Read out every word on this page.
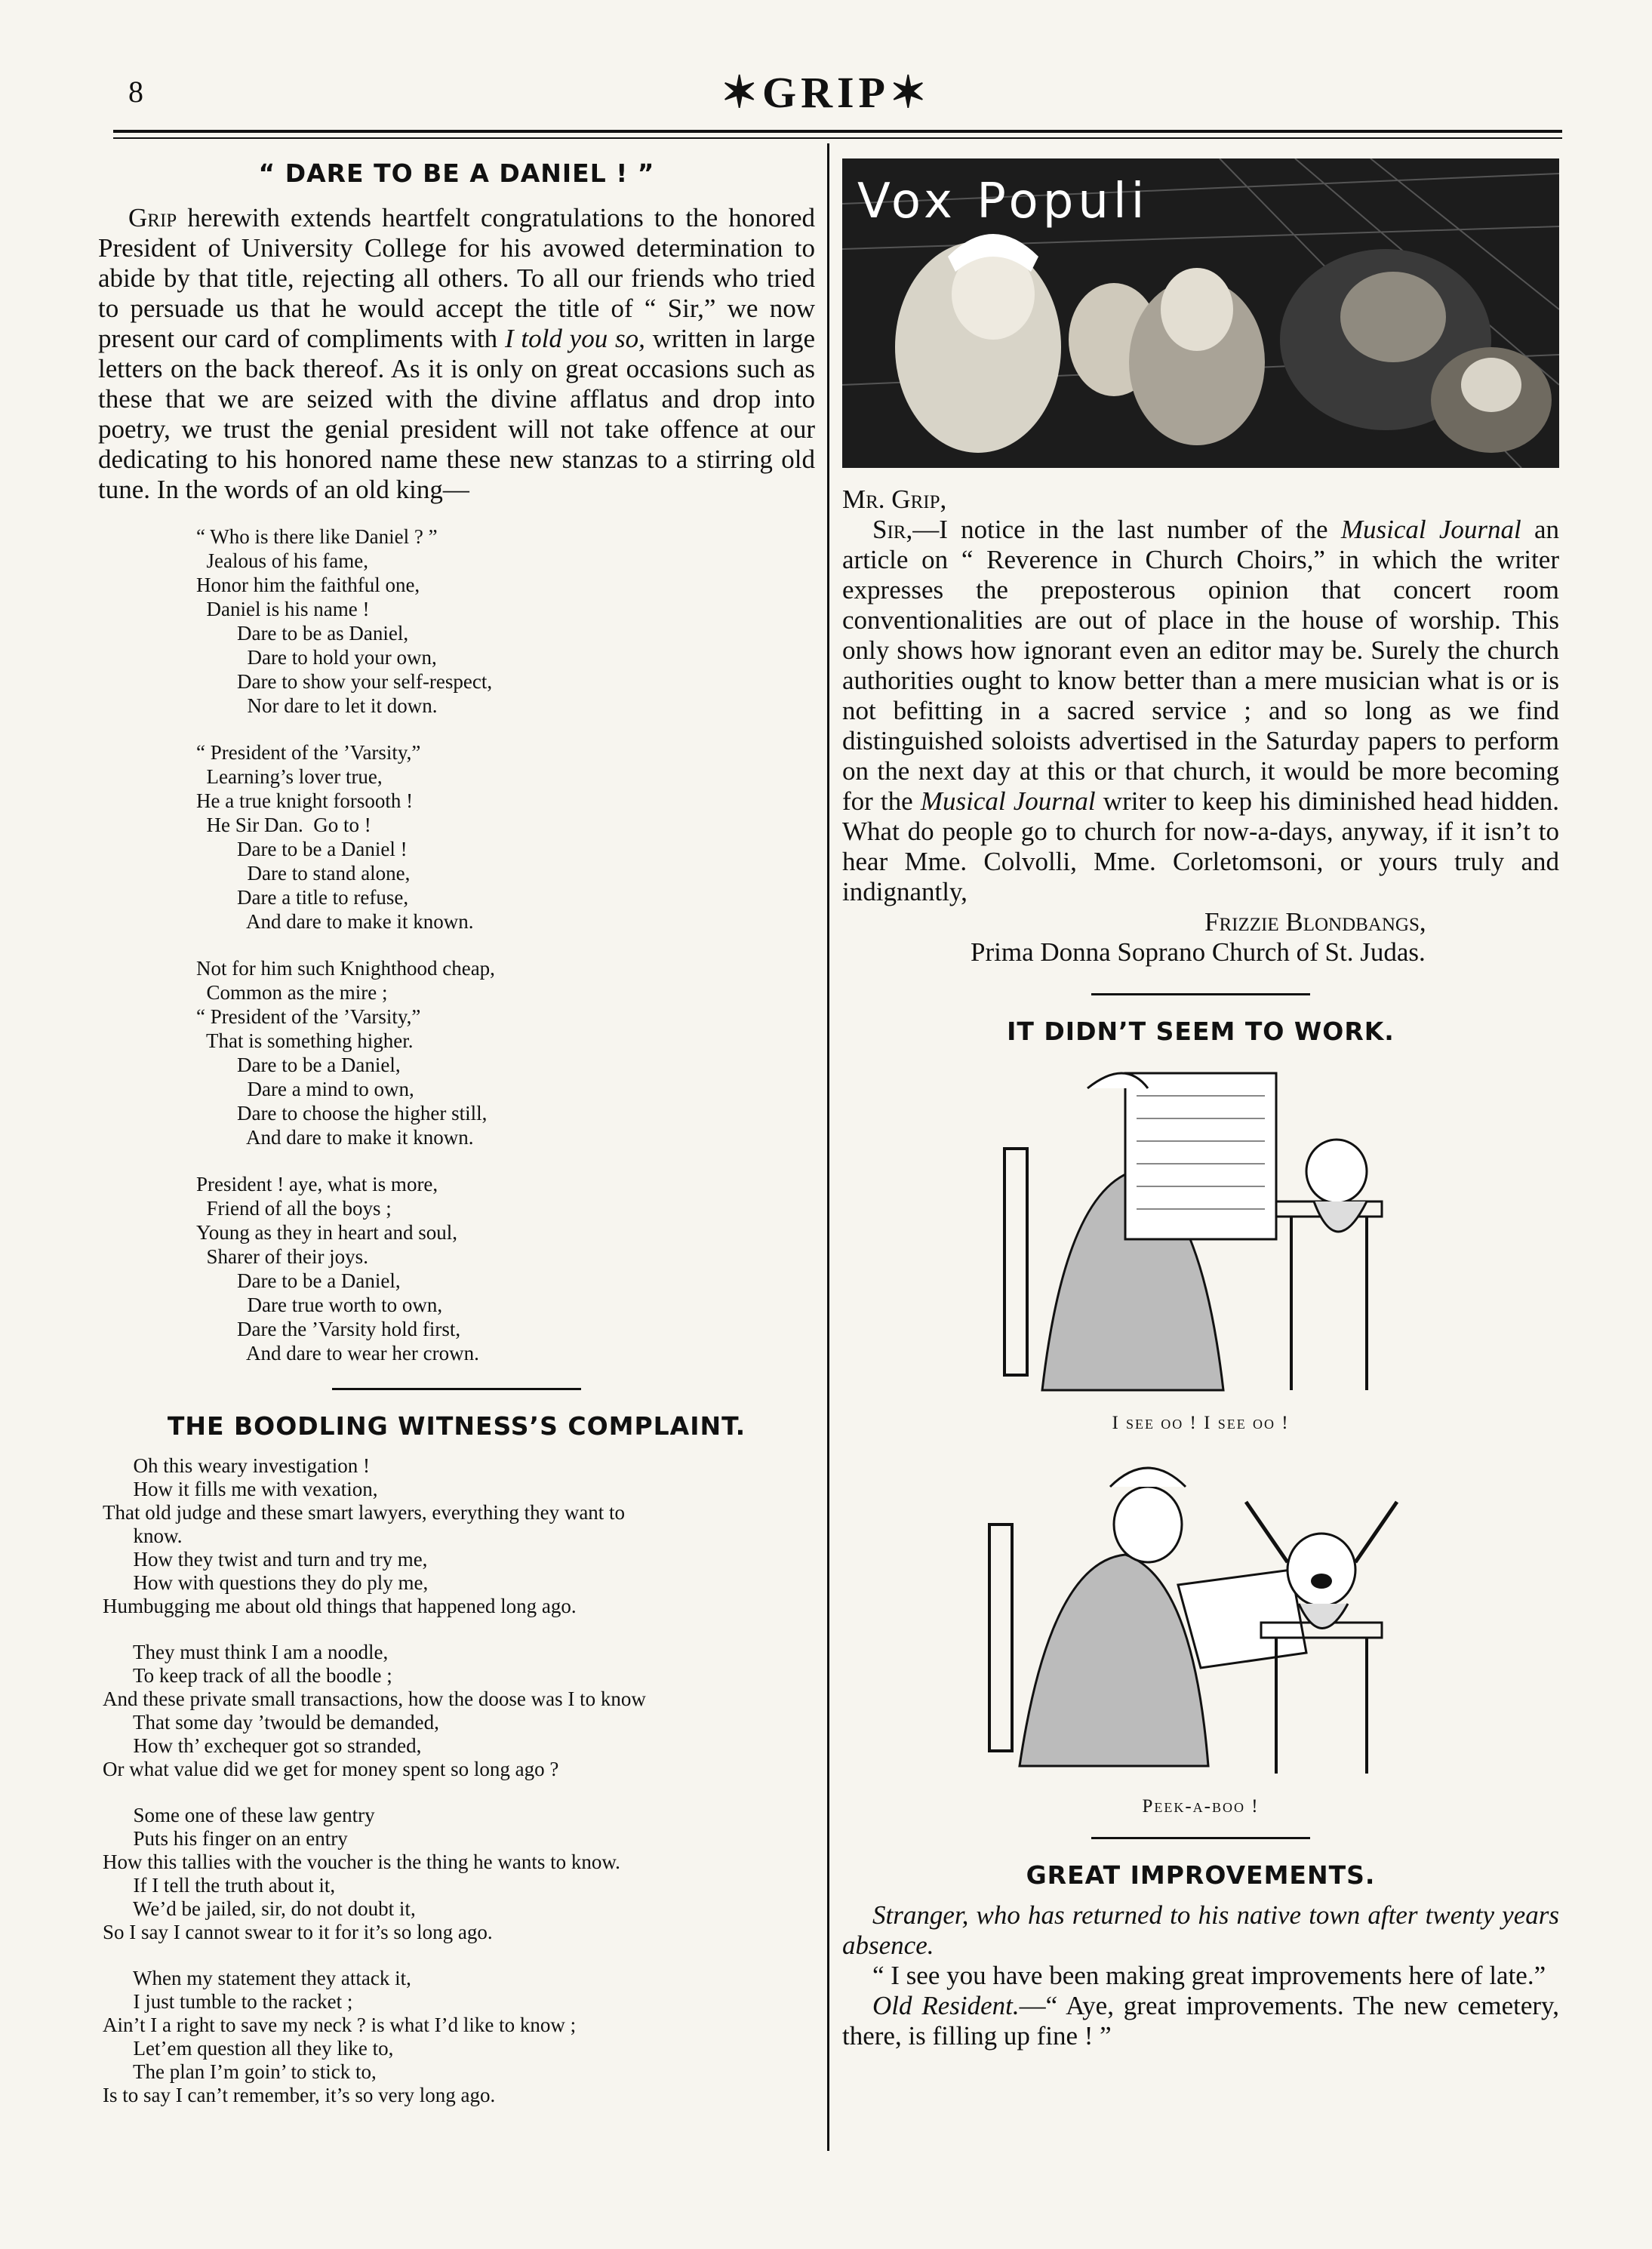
8	✶GRIP✶
“ DARE TO BE A DANIEL ! ”

Grip herewith extends heartfelt congratulations to the honored President of University College for his avowed determination to abide by that title, rejecting all others. To all our friends who tried to persuade us that he would accept the title of “ Sir,” we now present our card of compliments with I told you so, written in large letters on the back thereof. As it is only on great occasions such as these that we are seized with the divine afflatus and drop into poetry, we trust the genial president will not take offence at our dedicating to his honored name these new stanzas to a stirring old tune. In the words of an old king—

“ Who is there like Daniel ? ”
Jealous of his fame,
Honor him the faithful one,
Daniel is his name !
Dare to be as Daniel,
Dare to hold your own,
Dare to show your self-respect,
Nor dare to let it down.
“ President of the ’Varsity,”
Learning’s lover true,
He a true knight forsooth !
He Sir Dan.  Go to !
Dare to be a Daniel !
Dare to stand alone,
Dare a title to refuse,
And dare to make it known.
Not for him such Knighthood cheap,
Common as the mire ;
“ President of the ’Varsity,”
That is something higher.
Dare to be a Daniel,
Dare a mind to own,
Dare to choose the higher still,
And dare to make it known.
President ! aye, what is more,
Friend of all the boys ;
Young as they in heart and soul,
Sharer of their joys.
Dare to be a Daniel,
Dare true worth to own,
Dare the ’Varsity hold first,
And dare to wear her crown.
THE BOODLING WITNESS’S COMPLAINT.
Oh this weary investigation !
How it fills me with vexation,
That old judge and these smart lawyers, everything they want to
know.
How they twist and turn and try me,
How with questions they do ply me,
Humbugging me about old things that happened long ago.
They must think I am a noodle,
To keep track of all the boodle ;
And these private small transactions, how the doose was I to know
That some day ’twould be demanded,
How th’ exchequer got so stranded,
Or what value did we get for money spent so long ago ?
Some one of these law gentry
Puts his finger on an entry
How this tallies with the voucher is the thing he wants to know.
If I tell the truth about it,
We’d be jailed, sir, do not doubt it,
So I say I cannot swear to it for it’s so long ago.
When my statement they attack it,
I just tumble to the racket ;
Ain’t I a right to save my neck ? is what I’d like to know ;
Let’em question all they like to,
The plan I’m goin’ to stick to,
Is to say I can’t remember, it’s so very long ago.
Vox Populi

Mr. Grip,

Sir,—I notice in the last number of the Musical Journal an article on “ Reverence in Church Choirs,” in which the writer expresses the preposterous opinion that concert room conventionalities are out of place in the house of worship. This only shows how ignorant even an editor may be. Surely the church authorities ought to know better than a mere musician what is or is not befitting in a sacred service ; and so long as we find distinguished soloists advertised in the Saturday papers to perform on the next day at this or that church, it would be more becoming for the Musical Journal writer to keep his diminished head hidden. What do people go to church for now-a-days, anyway, if it isn’t to hear Mme. Colvolli, Mme. Corletomsoni, or yours truly and indignantly,

Frizzie Blondbangs,

Prima Donna Soprano Church of St. Judas.

IT DIDN’T SEEM TO WORK.

I see oo ! I see oo !

Peek-a-boo !

GREAT IMPROVEMENTS.

Stranger, who has returned to his native town after twenty years absence.

“ I see you have been making great improvements here of late.”

Old Resident.—“ Aye, great improvements. The new cemetery, there, is filling up fine ! ”
